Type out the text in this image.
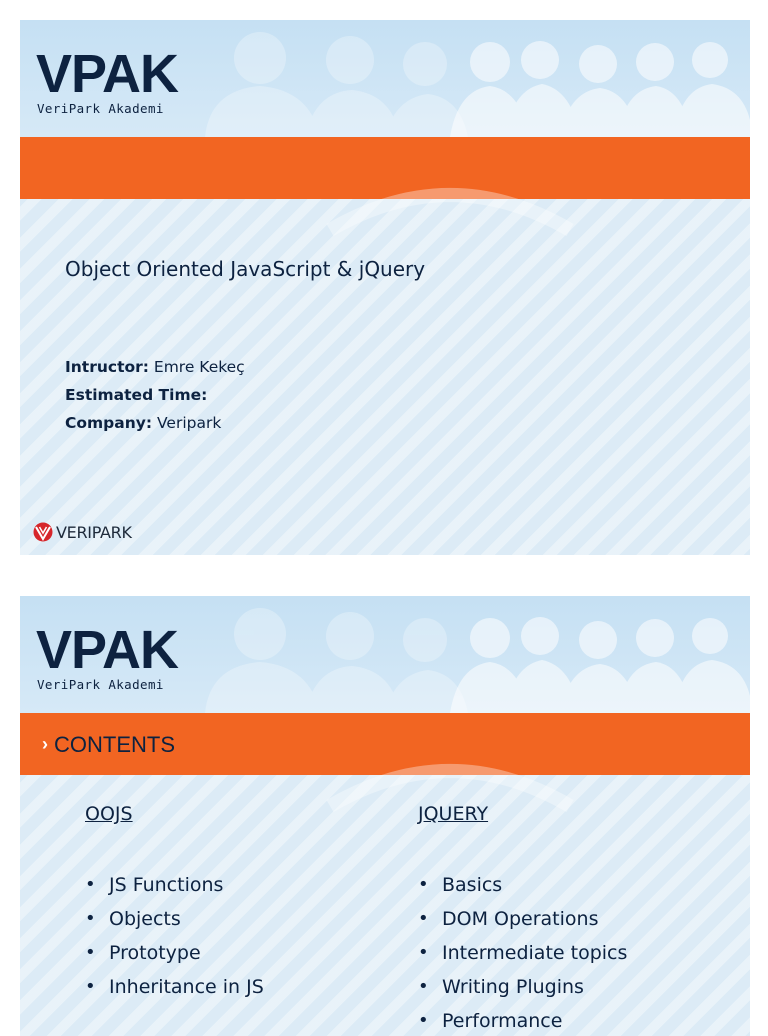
VPAK
VeriPark Akademi
Object Oriented JavaScript & jQuery
Intructor: Emre Kekeç
Estimated Time:
Company: Veripark
VERIPARK
VPAK
VeriPark Akademi
› CONTENTS
OOJS
• JS Functions
• Objects
• Prototype
• Inheritance in JS
JQUERY
• Basics
• DOM Operations
• Intermediate topics
• Writing Plugins
• Performance
